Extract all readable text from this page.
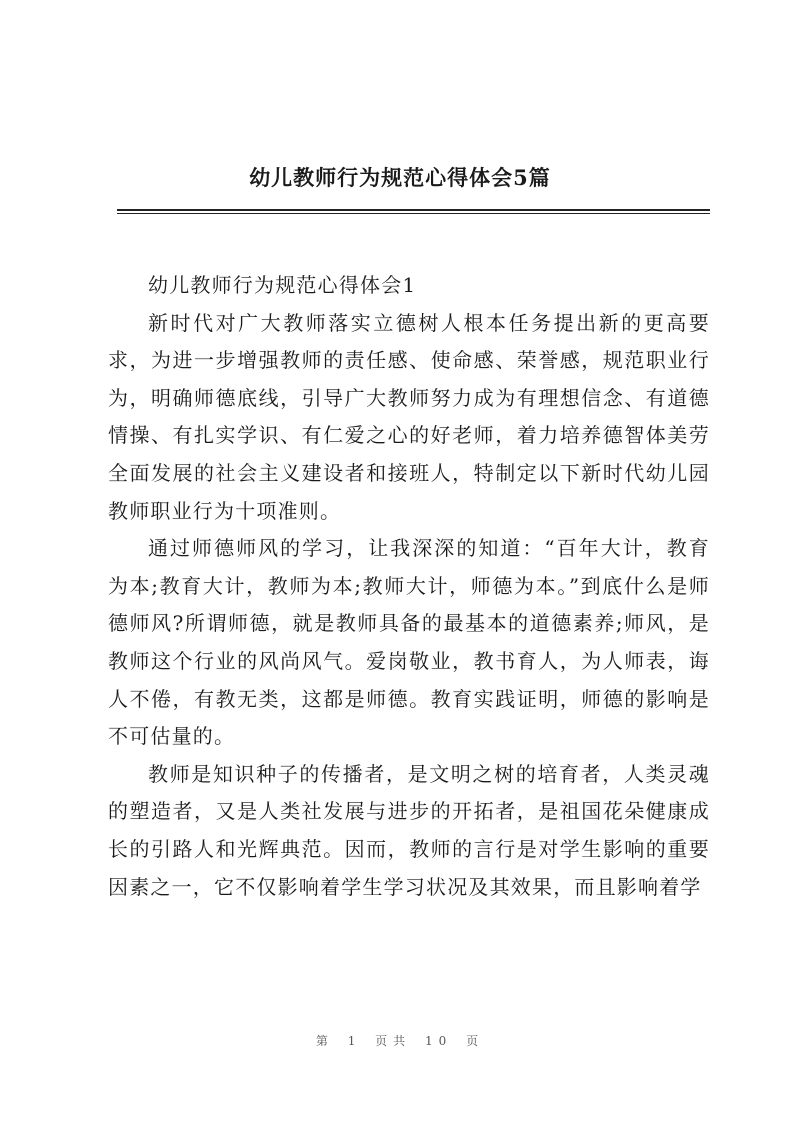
幼儿教师行为规范心得体会5篇

幼儿教师行为规范心得体会1

新时代对广大教师落实立德树人根本任务提出新的更高要求，为进一步增强教师的责任感、使命感、荣誉感，规范职业行为，明确师德底线，引导广大教师努力成为有理想信念、有道德情操、有扎实学识、有仁爱之心的好老师，着力培养德智体美劳全面发展的社会主义建设者和接班人，特制定以下新时代幼儿园教师职业行为十项准则。

通过师德师风的学习，让我深深的知道：“百年大计，教育为本;教育大计，教师为本;教师大计，师德为本。”到底什么是师德师风?所谓师德，就是教师具备的最基本的道德素养;师风，是教师这个行业的风尚风气。爱岗敬业，教书育人，为人师表，诲人不倦，有教无类，这都是师德。教育实践证明，师德的影响是不可估量的。

教师是知识种子的传播者，是文明之树的培育者，人类灵魂的塑造者，又是人类社发展与进步的开拓者，是祖国花朵健康成长的引路人和光辉典范。因而，教师的言行是对学生影响的重要因素之一，它不仅影响着学生学习状况及其效果，而且影响着学

第 1 页共 10 页
